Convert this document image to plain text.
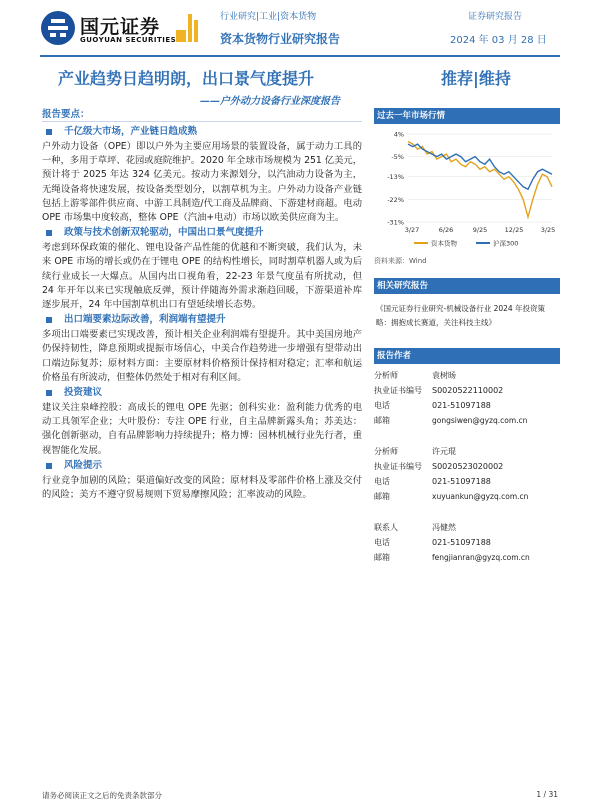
国元证券
GUOYUAN SECURITIES
行业研究|工业|资本货物	证券研究报告
资本货物行业研究报告	2024 年 03 月 28 日
产业趋势日趋明朗，出口景气度提升	推荐|维持
——户外动力设备行业深度报告
报告要点：
千亿级大市场，产业链日趋成熟
户外动力设备（OPE）即以户外为主要应用场景的装置设备，属于动力工具的一种，多用于草坪、花园或庭院维护。2020 年全球市场规模为 251 亿美元，预计将于 2025 年达 324 亿美元。按动力来源划分，以汽油动力设备为主，无绳设备将快速发展，按设备类型划分，以割草机为主。户外动力设备产业链包括上游零部件供应商、中游工具制造/代工商及品牌商、下游建材商超。电动 OPE 市场集中度较高，整体 OPE（汽油+电动）市场以欧美供应商为主。
政策与技术创新双轮驱动，中国出口景气度提升
考虑到环保政策的催化、锂电设备产品性能的优越和不断突破，我们认为，未来 OPE 市场的增长或仍在于锂电 OPE 的结构性增长，同时割草机器人或为后续行业成长一大爆点。从国内出口视角看，22-23 年景气度虽有所扰动，但 24 年开年以来已实现触底反弹，预计伴随海外需求渐趋回暖，下游渠道补库逐步展开，24 年中国割草机出口有望延续增长态势。
出口端要素边际改善，利润端有望提升
多项出口端要素已实现改善，预计相关企业利润端有望提升。其中美国房地产仍保持韧性，降息预期或提振市场信心，中美合作趋势进一步增强有望带动出口端边际复苏；原材料方面：主要原材料价格预计保持相对稳定；汇率和航运价格虽有所波动，但整体仍然处于相对有利区间。
投资建议
建议关注泉峰控股：高成长的锂电 OPE 先驱；创科实业：盈利能力优秀的电动工具领军企业；大叶股份：专注 OPE 行业，自主品牌新露头角；苏美达：强化创新驱动，自有品牌影响力持续提升；格力博：园林机械行业先行者，重视智能化发展。
风险提示
行业竞争加剧的风险；渠道偏好改变的风险；原材料及零部件价格上涨及交付的风险；美方不遵守贸易规则下贸易摩擦风险；汇率波动的风险。
过去一年市场行情
4%
-5%
-13%
-22%
-31%
3/27	6/26	9/25	12/25	3/25
资本货物	沪深300
资料来源：Wind
相关研究报告
《国元证券行业研究-机械设备行业 2024 年投资策略：拥抱成长赛道，关注科技主线》
报告作者
分析师	袁树旸
执业证书编号	S0020522110002
电话	021-51097188
邮箱	gongsiwen@gyzq.com.cn
分析师	许元琨
执业证书编号	S0020523020002
电话	021-51097188
邮箱	xuyuankun@gyzq.com.cn
联系人	冯健然
电话	021-51097188
邮箱	fengjianran@gyzq.com.cn
请务必阅读正文之后的免责条款部分	1 / 31
